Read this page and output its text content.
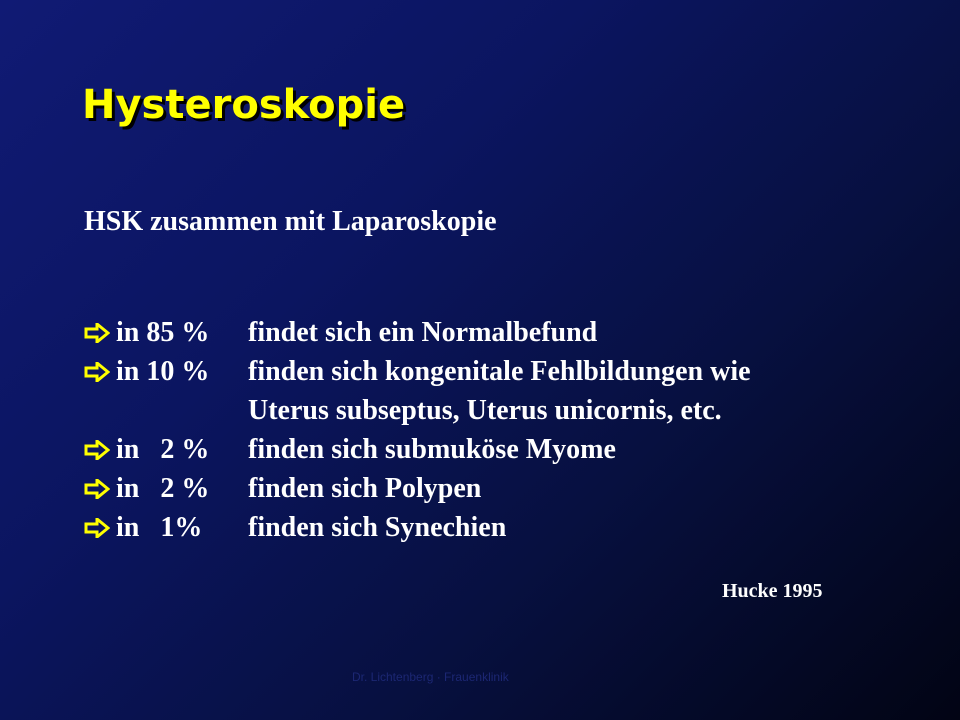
Hysteroskopie

HSK zusammen mit Laparoskopie

in 85 %	findet sich ein Normalbefund
in 10 %	finden sich kongenitale Fehlbildungen wie
Uterus subseptus, Uterus unicornis, etc.
in   2 %	finden sich submuköse Myome
in   2 %	finden sich Polypen
in   1%	finden sich Synechien

Hucke 1995

Dr. Lichtenberg · Frauenklinik
